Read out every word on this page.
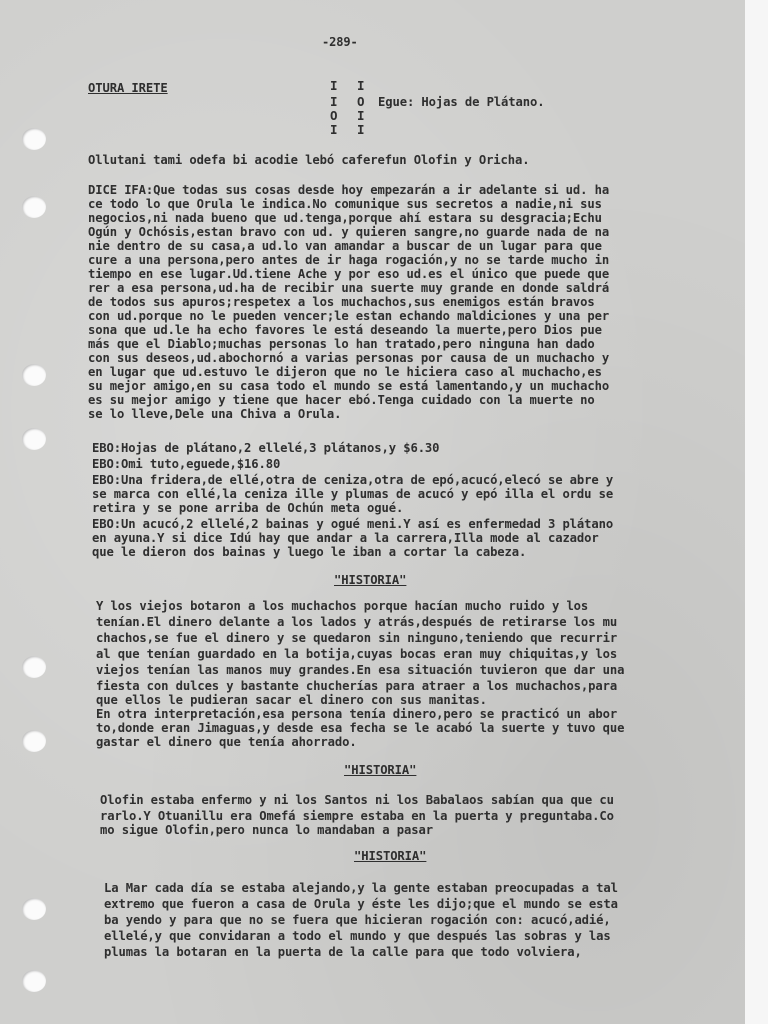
-289-
OTURA IRETE	I I
I O
O I
I I
Egue: Hojas de Plátano.
Ollutani tami odefa bi acodie lebó caferefun Olofin y Oricha.
DICE IFA:Que todas sus cosas desde hoy empezarán a ir adelante si ud. ha
ce todo lo que Orula le indica.No comunique sus secretos a nadie,ni sus
negocios,ni nada bueno que ud.tenga,porque ahí estara su desgracia;Echu
Ogún y Ochósis,estan bravo con ud. y quieren sangre,no guarde nada de na
nie dentro de su casa,a ud.lo van amandar a buscar de un lugar para que
cure a una persona,pero antes de ir haga rogación,y no se tarde mucho in
tiempo en ese lugar.Ud.tiene Ache y por eso ud.es el único que puede que
rer a esa persona,ud.ha de recibir una suerte muy grande en donde saldrá
de todos sus apuros;respetex a los muchachos,sus enemigos están bravos
con ud.porque no le pueden vencer;le estan echando maldiciones y una per
sona que ud.le ha echo favores le está deseando la muerte,pero Dios pue
más que el Diablo;muchas personas lo han tratado,pero ninguna han dado
con sus deseos,ud.abochornó a varias personas por causa de un muchacho y
en lugar que ud.estuvo le dijeron que no le hiciera caso al muchacho,es
su mejor amigo,en su casa todo el mundo se está lamentando,y un muchacho
es su mejor amigo y tiene que hacer ebó.Tenga cuidado con la muerte no
se lo lleve,Dele una Chiva a Orula.
EBO:Hojas de plátano,2 ellelé,3 plátanos,y $6.30
EBO:Omi tuto,eguede,$16.80
EBO:Una fridera,de ellé,otra de ceniza,otra de epó,acucó,elecó se abre y
se marca con ellé,la ceniza ille y plumas de acucó y epó illa el ordu se
retira y se pone arriba de Ochún meta ogué.
EBO:Un acucó,2 ellelé,2 bainas y ogué meni.Y así es enfermedad 3 plátano
en ayuna.Y si dice Idú hay que andar a la carrera,Illa mode al cazador
que le dieron dos bainas y luego le iban a cortar la cabeza.
"HISTORIA"
Y los viejos botaron a los muchachos porque hacían mucho ruido y los
tenían.El dinero delante a los lados y atrás,después de retirarse los mu
chachos,se fue el dinero y se quedaron sin ninguno,teniendo que recurrir
al que tenían guardado en la botija,cuyas bocas eran muy chiquitas,y los
viejos tenían las manos muy grandes.En esa situación tuvieron que dar una
fiesta con dulces y bastante chucherías para atraer a los muchachos,para
que ellos le pudieran sacar el dinero con sus manitas.
En otra interpretación,esa persona tenía dinero,pero se practicó un abor
to,donde eran Jimaguas,y desde esa fecha se le acabó la suerte y tuvo que
gastar el dinero que tenía ahorrado.
"HISTORIA"
Olofin estaba enfermo y ni los Santos ni los Babalaos sabían qua que cu
rarlo.Y Otuanillu era Omefá siempre estaba en la puerta y preguntaba.Co
mo sigue Olofin,pero nunca lo mandaban a pasar
"HISTORIA"
La Mar cada día se estaba alejando,y la gente estaban preocupadas a tal
extremo que fueron a casa de Orula y éste les dijo;que el mundo se esta
ba yendo y para que no se fuera que hicieran rogación con: acucó,adié,
ellelé,y que convidaran a todo el mundo y que después las sobras y las
plumas la botaran en la puerta de la calle para que todo volviera,
